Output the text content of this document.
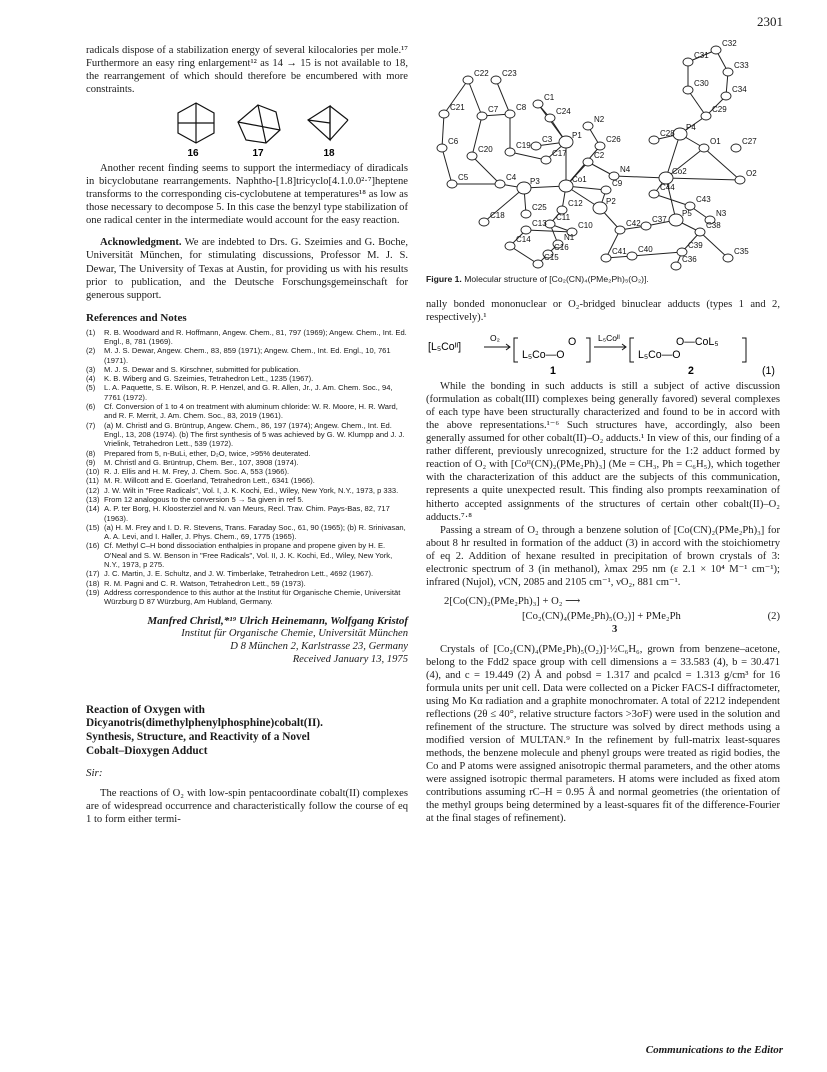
2301

radicals dispose of a stabilization energy of several kilocalories per mole.¹⁷ Furthermore an easy ring enlargement¹² as 14 → 15 is not available to 18, the rearrangement of which should therefore be encumbered with more constraints.

16	17	18

Another recent finding seems to support the intermediacy of diradicals in bicyclobutane rearrangements. Naphtho-[1.8]tricyclo[4.1.0.0²·⁷]heptene transforms to the corresponding cis-cyclobutene at temperatures¹⁸ as low as those necessary to decompose 5. In this case the benzyl type stabilization of one radical center in the intermediate would account for the easy reaction.

Acknowledgment. We are indebted to Drs. G. Szeimies and G. Boche, Universität München, for stimulating discussions, Professor M. J. S. Dewar, The University of Texas at Austin, for providing us with his results prior to publication, and the Deutsche Forschungsgemeinschaft for generous support.

References and Notes

(1)	R. B. Woodward and R. Hoffmann, Angew. Chem., 81, 797 (1969); Angew. Chem., Int. Ed. Engl., 8, 781 (1969).
(2)	M. J. S. Dewar, Angew. Chem., 83, 859 (1971); Angew. Chem., Int. Ed. Engl., 10, 761 (1971).
(3)	M. J. S. Dewar and S. Kirschner, submitted for publication.
(4)	K. B. Wiberg and G. Szeimies, Tetrahedron Lett., 1235 (1967).
(5)	L. A. Paquette, S. E. Wilson, R. P. Henzel, and G. R. Allen, Jr., J. Am. Chem. Soc., 94, 7761 (1972).
(6)	Cf. Conversion of 1 to 4 on treatment with aluminum chloride: W. R. Moore, H. R. Ward, and R. F. Merrit, J. Am. Chem. Soc., 83, 2019 (1961).
(7)	(a) M. Christl and G. Brüntrup, Angew. Chem., 86, 197 (1974); Angew. Chem., Int. Ed. Engl., 13, 208 (1974). (b) The first synthesis of 5 was achieved by G. W. Klumpp and J. J. Vrielink, Tetrahedron Lett., 539 (1972).
(8)	Prepared from 5, n-BuLi, ether, D₂O, twice, >95% deuterated.
(9)	M. Christl and G. Brüntrup, Chem. Ber., 107, 3908 (1974).
(10) R. J. Ellis and H. M. Frey, J. Chem. Soc. A, 553 (1966).
(11) M. R. Willcott and E. Goerland, Tetrahedron Lett., 6341 (1966).
(12) J. W. Wilt in "Free Radicals", Vol. I, J. K. Kochi, Ed., Wiley, New York, N.Y., 1973, p 333.
(13) From 12 analogous to the conversion 5 → 5a given in ref 5.
(14) A. P. ter Borg, H. Kloosterziel and N. van Meurs, Recl. Trav. Chim. Pays-Bas, 82, 717 (1963).
(15) (a) H. M. Frey and I. D. R. Stevens, Trans. Faraday Soc., 61, 90 (1965); (b) R. Srinivasan, A. A. Levi, and I. Haller, J. Phys. Chem., 69, 1775 (1965).
(16) Cf. Methyl C–H bond dissociation enthalpies in propane and propene given by H. E. O'Neal and S. W. Benson in "Free Radicals", Vol. II, J. K. Kochi, Ed., Wiley, New York, N.Y., 1973, p 275.
(17) J. C. Martin, J. E. Schultz, and J. W. Timberlake, Tetrahedron Lett., 4692 (1967).
(18) R. M. Pagni and C. R. Watson, Tetrahedron Lett., 59 (1973).
(19) Address correspondence to this author at the Institut für Organische Chemie, Universität Würzburg D 87 Würzburg, Am Hubland, Germany.

Manfred Christl,*¹⁹ Ulrich Heinemann, Wolfgang Kristof

Institut für Organische Chemie, Universität München

D 8 München 2, Karlstrasse 23, Germany

Received January 13, 1975

Reaction of Oxygen with

Dicyanotris(dimethylphenylphosphine)cobalt(II).

Synthesis, Structure, and Reactivity of a Novel

Cobalt–Dioxygen Adduct

Sir:

The reactions of O₂ with low-spin pentacoordinate cobalt(II) complexes are of widespread occurrence and characteristically follow the course of eq 1 to form either termi-

C32
C31
C33
C22 C23
C30
C34
C1
C21	C7 C8	C24	C29
N2
P4
C6	C3 P1	C28
C27
C26	O1
C20	C19
C17	C2
N4	Co2	O2
C5	C4 P3	Co1	C9	C44
C43
C12	P2
N3
C18
C25
C11
C13	C10	C42 C37
P5
C38
C14	N1
C16
C15
C41 C40	C39
C35
C36

Figure 1. Molecular structure of [Co₂(CN)₄(PMe₂Ph)₅(O₂)].

nally bonded mononuclear or O₂-bridged binuclear adducts (types 1 and 2, respectively).¹

[L₅Coᴵᴵ]
O₂	O
L₅Co—O
L₅Coᴵᴵ	O—CoL₅
L₅Co—O
1	2	(1)

While the bonding in such adducts is still a subject of active discussion (formulation as cobalt(III) complexes being generally favored) several complexes of each type have been structurally characterized and found to be in accord with the above representations.¹⁻⁶ Such structures have, accordingly, also been generally assumed for other cobalt(II)–O₂ adducts.¹ In view of this, our finding of a rather different, previously unrecognized, structure for the 1:2 adduct formed by reaction of O₂ with [Coᴵᴵ(CN)₂(PMe₂Ph)₃] (Me = CH₃, Ph = C₆H₅), which together with the characterization of this adduct are the subjects of this communication, represents a quite unexpected result. This finding also prompts reexamination of hitherto accepted assignments of the structures of certain other cobalt(II)–O₂ adducts.⁷·⁸

Passing a stream of O₂ through a benzene solution of [Co(CN)₂(PMe₂Ph)₃] for about 8 hr resulted in formation of the adduct (3) in accord with the stoichiometry of eq 2. Addition of hexane resulted in precipitation of brown crystals of 3: electronic spectrum of 3 (in methanol), λmax 295 nm (ε 2.1 × 10⁴ M⁻¹ cm⁻¹); infrared (Nujol), νCN, 2085 and 2105 cm⁻¹, νO₂, 881 cm⁻¹.

2[Co(CN)₂(PMe₂Ph)₃] + O₂ ⟶
[Co₂(CN)₄(PMe₂Ph)₅(O₂)] + PMe₂Ph	(2)
3

Crystals of [Co₂(CN)₄(PMe₂Ph)₅(O₂)]·½C₆H₆, grown from benzene–acetone, belong to the Fdd2 space group with cell dimensions a = 33.583 (4), b = 30.471 (4), and c = 19.449 (2) Å and ρobsd = 1.317 and ρcalcd = 1.313 g/cm³ for 16 formula units per unit cell. Data were collected on a Picker FACS-I diffractometer, using Mo Kα radiation and a graphite monochromater. A total of 2212 independent reflections (2θ ≤ 40°, relative structure factors >3σF) were used in the solution and refinement of the structure. The structure was solved by direct methods using a modified version of MULTAN.⁹ In the refinement by full-matrix least-squares methods, the benzene molecule and phenyl groups were treated as rigid bodies, the Co and P atoms were assigned anisotropic thermal parameters, and the other atoms were assigned isotropic thermal parameters. H atoms were included as fixed atom contributions assuming rC–H = 0.95 Å and normal geometries (the orientation of the methyl groups being determined by a least-squares fit of the difference-Fourier at the final stages of refinement).

Communications to the Editor
